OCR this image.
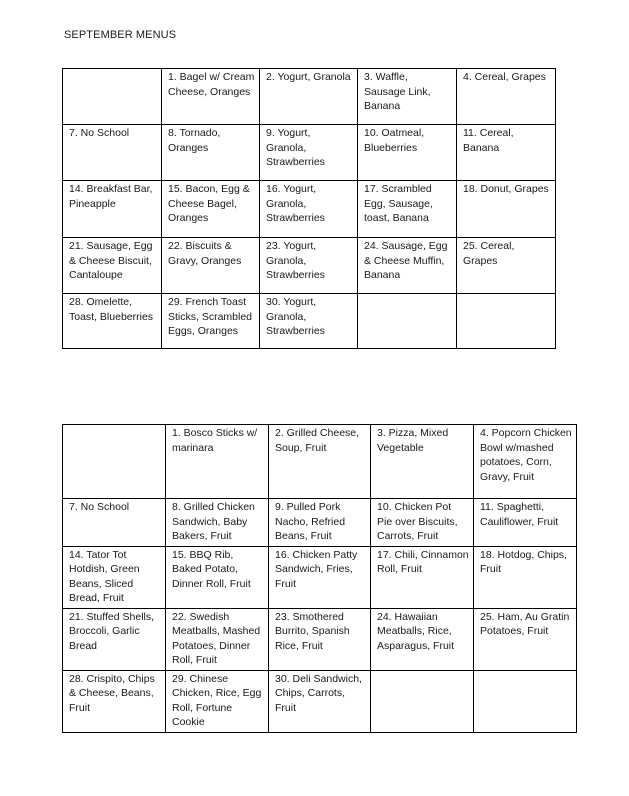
SEPTEMBER MENUS
	1. Bagel w/ Cream Cheese, Oranges	2. Yogurt, Granola	3. Waffle, Sausage Link, Banana	4. Cereal, Grapes
7. No School	8. Tornado, Oranges	9. Yogurt, Granola, Strawberries	10. Oatmeal, Blueberries	11. Cereal, Banana
14. Breakfast Bar, Pineapple	15. Bacon, Egg & Cheese Bagel, Oranges	16. Yogurt, Granola, Strawberries	17. Scrambled Egg, Sausage, toast, Banana	18. Donut, Grapes
21. Sausage, Egg & Cheese Biscuit, Cantaloupe	22. Biscuits & Gravy, Oranges	23. Yogurt, Granola, Strawberries	24. Sausage, Egg & Cheese Muffin, Banana	25. Cereal, Grapes
28. Omelette, Toast, Blueberries	29. French Toast Sticks, Scrambled Eggs, Oranges	30. Yogurt, Granola, Strawberries		
	1. Bosco Sticks w/ marinara	2. Grilled Cheese, Soup, Fruit	3. Pizza, Mixed Vegetable	4. Popcorn Chicken Bowl w/mashed potatoes, Corn, Gravy, Fruit
7. No School	8. Grilled Chicken Sandwich, Baby Bakers, Fruit	9. Pulled Pork Nacho, Refried Beans, Fruit	10. Chicken Pot Pie over Biscuits, Carrots, Fruit	11. Spaghetti, Cauliflower, Fruit
14. Tator Tot Hotdish, Green Beans, Sliced Bread, Fruit	15. BBQ Rib, Baked Potato, Dinner Roll, Fruit	16. Chicken Patty Sandwich, Fries, Fruit	17. Chili, Cinnamon Roll, Fruit	18. Hotdog, Chips, Fruit
21. Stuffed Shells, Broccoli, Garlic Bread	22. Swedish Meatballs, Mashed Potatoes, Dinner Roll, Fruit	23. Smothered Burrito, Spanish Rice, Fruit	24. Hawaiian Meatballs, Rice, Asparagus, Fruit	25. Ham, Au Gratin Potatoes, Fruit
28. Crispito, Chips & Cheese, Beans, Fruit	29. Chinese Chicken, Rice, Egg Roll, Fortune Cookie	30. Deli Sandwich, Chips, Carrots, Fruit		
